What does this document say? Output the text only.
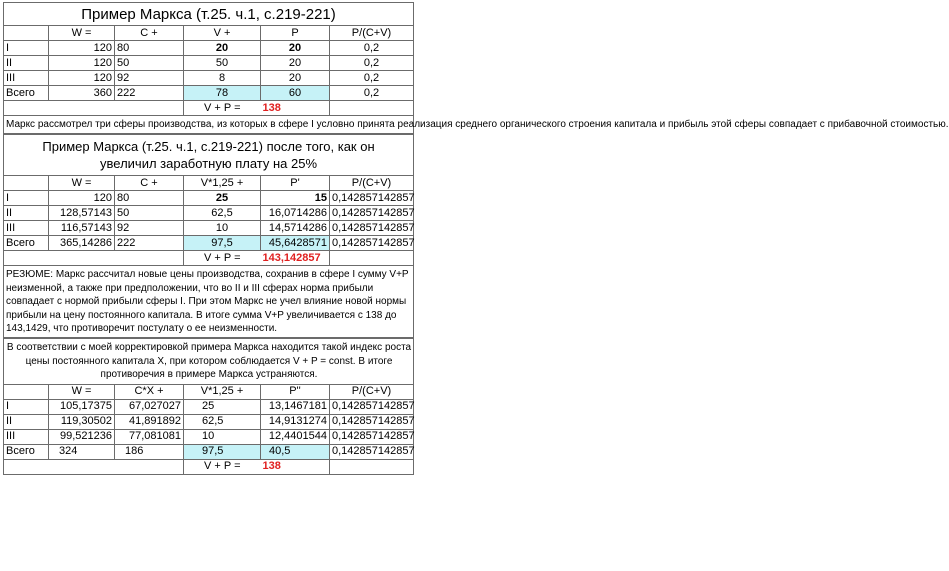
Пример Маркса (т.25. ч.1, с.219-221)					
	W =	C +	V +	P	P/(C+V)
I	120	80	20	20	0,2
II	120	50	50	20	0,2
III	120	92	8	20	0,2
Всего	360	222	78	60	0,2
			V + P =	138	
Маркс рассмотрел три сферы производства, из которых в сфере I условно принята реализация среднего органического строения капитала и прибыль этой сферы совпадает с прибавочной стоимостью.					
Пример Маркса (т.25. ч.1, с.219-221) после того, как он увеличил заработную плату на 25%					
	W =	C +	V*1,25 +	P'	P/(C+V)
I	120	80	25	15	0,142857142857
II	128,57143	50	62,5	16,0714286	0,142857142857
III	116,57143	92	10	14,5714286	0,142857142857
Всего	365,14286	222	97,5	45,6428571	0,142857142857
			V + P =	143,142857	
РЕЗЮМЕ: Маркс рассчитал новые цены производства, сохранив в сфере I сумму V+P неизменной, а также при предположении, что во II и III сферах норма прибыли совпадает с нормой прибыли сферы I. При этом Маркс не учел влияние новой нормы прибыли на цену постоянного капитала. В итоге сумма V+P увеличивается с 138 до 143,1429, что противоречит постулату о ее неизменности.					
В соответствии с моей корректировкой примера Маркса находится такой индекс роста цены постоянного капитала X, при котором соблюдается V + P = const. В итоге противоречия в примере Маркса устраняются.					
	W =	C*X +	V*1,25 +	P''	P/(C+V)
I	105,17375	67,027027	25	13,1467181	0,142857142857
II	119,30502	41,891892	62,5	14,9131274	0,142857142857
III	99,521236	77,081081	10	12,4401544	0,142857142857
Всего	324	186	97,5	40,5	0,142857142857
			V + P =	138	
